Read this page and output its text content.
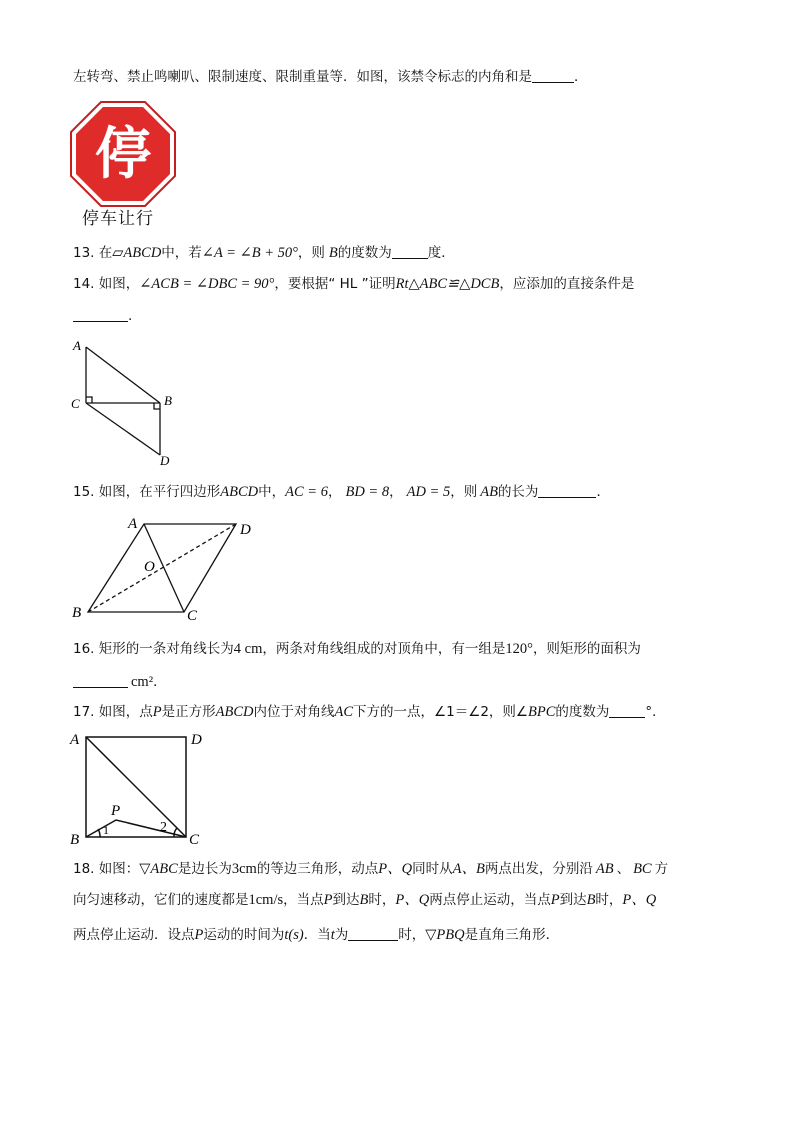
左转弯、禁止鸣喇叭、限制速度、限制重量等．如图，该禁令标志的内角和是	．
停
停车让行
13. 在▱ABCD中，若∠A = ∠B + 50°，则 B的度数为	度．
14. 如图，∠ACB = ∠DBC = 90°，要根据“ HL ”证明Rt△ABC≌△DCB，应添加的直接条件是
.
A
C	B
D
15. 如图，在平行四边形ABCD中，AC = 6， BD = 8， AD = 5，则 AB的长为	．
A	D
O
B	C
16. 矩形的一条对角线长为4 cm，两条对角线组成的对顶角中，有一组是120°，则矩形的面积为
cm²．
17. 如图，点P是正方形ABCD内位于对角线AC下方的一点，∠1＝∠2，则∠BPC的度数为	°．
A	D
P
B	C
1	2
18. 如图：▽ABC是边长为3cm的等边三角形，动点P、Q同时从A、B两点出发，分别沿 AB 、 BC 方
向匀速移动，它们的速度都是1cm/s，当点P到达B时，P、Q两点停止运动，当点P到达B时，P、Q
两点停止运动．设点P运动的时间为t(s)．当t为	时，▽PBQ是直角三角形．
